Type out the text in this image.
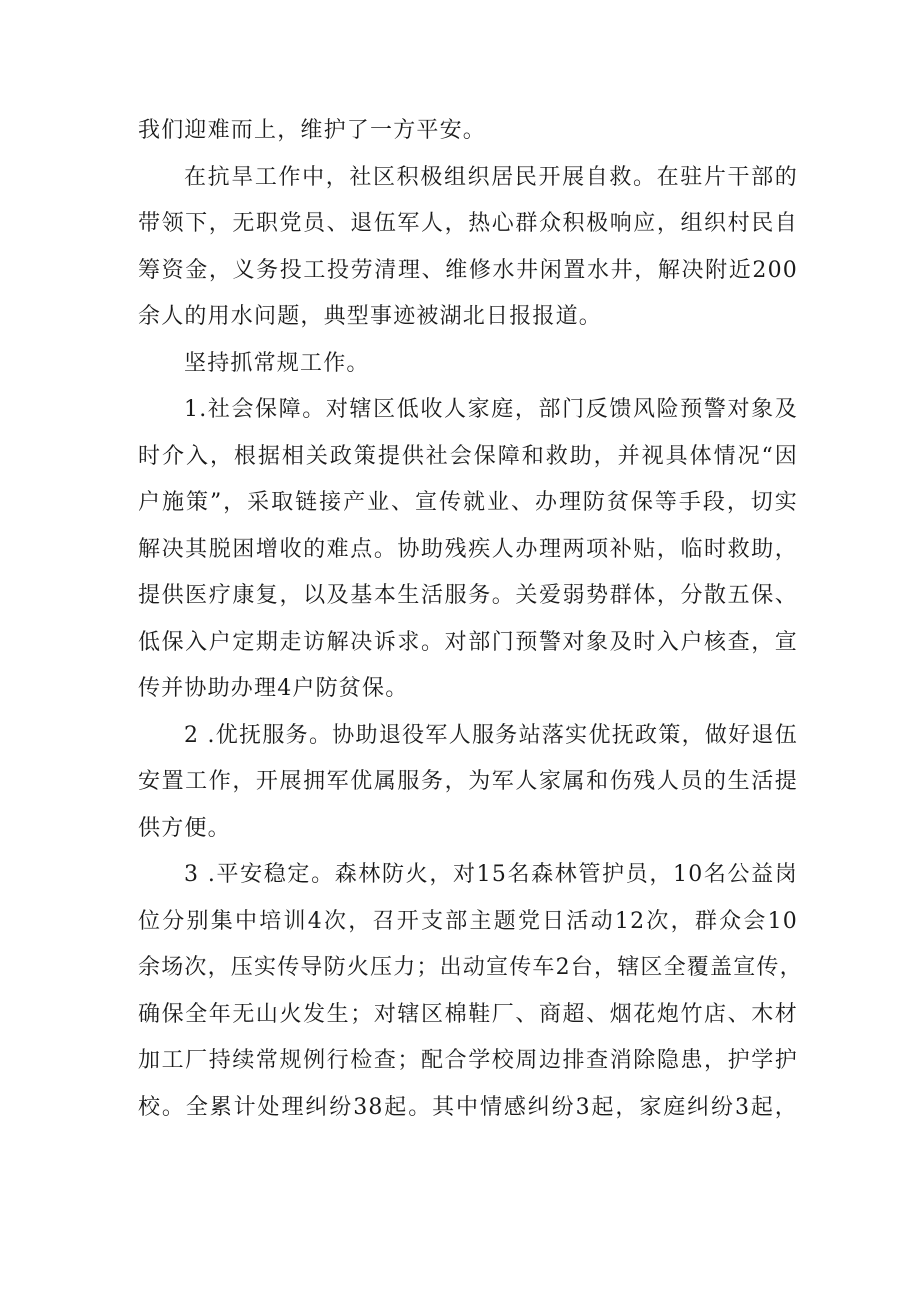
我们迎难而上，维护了一方平安。
在抗旱工作中，社区积极组织居民开展自救。在驻片干部的
带领下，无职党员、退伍军人，热心群众积极响应，组织村民自
筹资金，义务投工投劳清理、维修水井闲置水井，解决附近200
余人的用水问题，典型事迹被湖北日报报道。
坚持抓常规工作。
1.社会保障。对辖区低收人家庭，部门反馈风险预警对象及
时介入，根据相关政策提供社会保障和救助，并视具体情况“因
户施策”，采取链接产业、宣传就业、办理防贫保等手段，切实
解决其脱困增收的难点。协助残疾人办理两项补贴，临时救助，
提供医疗康复，以及基本生活服务。关爱弱势群体，分散五保、
低保入户定期走访解决诉求。对部门预警对象及时入户核查，宣
传并协助办理4户防贫保。
2 .优抚服务。协助退役军人服务站落实优抚政策，做好退伍
安置工作，开展拥军优属服务，为军人家属和伤残人员的生活提
供方便。
3 .平安稳定。森林防火，对15名森林管护员，10名公益岗
位分别集中培训4次，召开支部主题党日活动12次，群众会10
余场次，压实传导防火压力；出动宣传车2台，辖区全覆盖宣传，
确保全年无山火发生；对辖区棉鞋厂、商超、烟花炮竹店、木材
加工厂持续常规例行检查；配合学校周边排查消除隐患，护学护
校。全累计处理纠纷38起。其中情感纠纷3起，家庭纠纷3起，
